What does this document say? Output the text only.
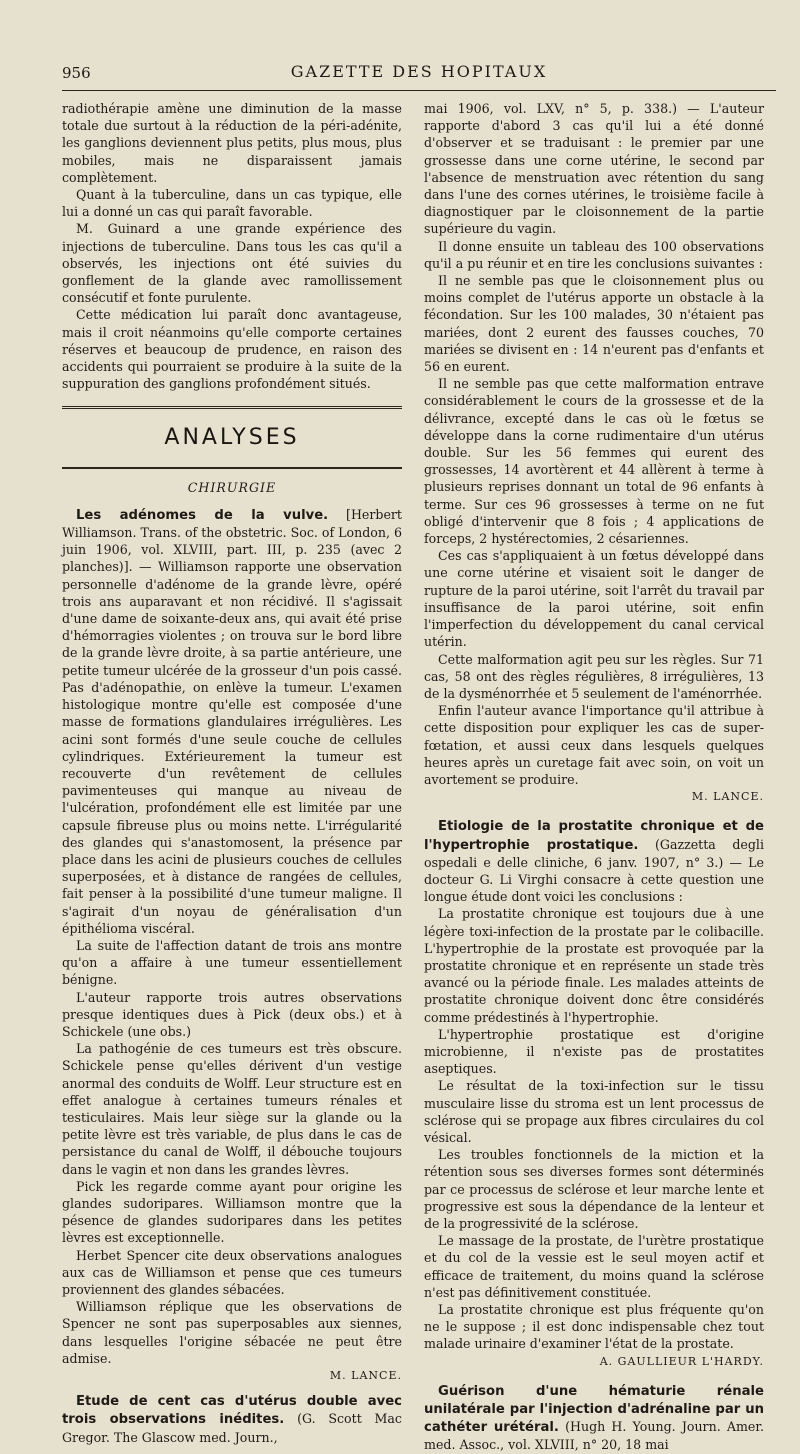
956	GAZETTE DES HOPITAUX

radiothérapie amène une diminution de la masse totale due surtout à la réduction de la péri-adénite, les ganglions deviennent plus petits, plus mous, plus mobiles, mais ne disparaissent jamais complètement.

Quant à la tuberculine, dans un cas typique, elle lui a donné un cas qui paraît favorable.

M. Guinard a une grande expérience des injections de tuberculine. Dans tous les cas qu'il a observés, les injections ont été suivies du gonflement de la glande avec ramollissement consécutif et fonte purulente.

Cette médication lui paraît donc avantageuse, mais il croit néanmoins qu'elle comporte certaines réserves et beaucoup de prudence, en raison des accidents qui pourraient se produire à la suite de la suppuration des ganglions profondément situés.

ANALYSES
CHIRURGIE

Les adénomes de la vulve. [Herbert Williamson. Trans. of the obstetric. Soc. of London, 6 juin 1906, vol. XLVIII, part. III, p. 235 (avec 2 planches)]. — Williamson rapporte une observation personnelle d'adénome de la grande lèvre, opéré trois ans auparavant et non récidivé. Il s'agissait d'une dame de soixante-deux ans, qui avait été prise d'hémorragies violentes ; on trouva sur le bord libre de la grande lèvre droite, à sa partie antérieure, une petite tumeur ulcérée de la grosseur d'un pois cassé. Pas d'adénopathie, on enlève la tumeur. L'examen histologique montre qu'elle est composée d'une masse de formations glandulaires irrégulières. Les acini sont formés d'une seule couche de cellules cylindriques. Extérieurement la tumeur est recouverte d'un revêtement de cellules pavimenteuses qui manque au niveau de l'ulcération, profondément elle est limitée par une capsule fibreuse plus ou moins nette. L'irrégularité des glandes qui s'anastomosent, la présence par place dans les acini de plusieurs couches de cellules superposées, et à distance de rangées de cellules, fait penser à la possibilité d'une tumeur maligne. Il s'agirait d'un noyau de généralisation d'un épithélioma viscéral.

La suite de l'affection datant de trois ans montre qu'on a affaire à une tumeur essentiellement bénigne.

L'auteur rapporte trois autres observations presque identiques dues à Pick (deux obs.) et à Schickele (une obs.)

La pathogénie de ces tumeurs est très obscure. Schickele pense qu'elles dérivent d'un vestige anormal des conduits de Wolff. Leur structure est en effet analogue à certaines tumeurs rénales et testiculaires. Mais leur siège sur la glande ou la petite lèvre est très variable, de plus dans le cas de persistance du canal de Wolff, il débouche toujours dans le vagin et non dans les grandes lèvres.

Pick les regarde comme ayant pour origine les glandes sudoripares. Williamson montre que la pésence de glandes sudoripares dans les petites lèvres est exceptionnelle.

Herbet Spencer cite deux observations analogues aux cas de Williamson et pense que ces tumeurs proviennent des glandes sébacées.

Williamson réplique que les observations de Spencer ne sont pas superposables aux siennes, dans lesquelles l'origine sébacée ne peut être admise.

M. LANCE.

Etude de cent cas d'utérus double avec trois observations inédites. (G. Scott Mac Gregor. The Glascow med. Journ.,

mai 1906, vol. LXV, n° 5, p. 338.) — L'auteur rapporte d'abord 3 cas qu'il lui a été donné d'observer et se traduisant : le premier par une grossesse dans une corne utérine, le second par l'absence de menstruation avec rétention du sang dans l'une des cornes utérines, le troisième facile à diagnostiquer par le cloisonnement de la partie supérieure du vagin.

Il donne ensuite un tableau des 100 observations qu'il a pu réunir et en tire les conclusions suivantes :

Il ne semble pas que le cloisonnement plus ou moins complet de l'utérus apporte un obstacle à la fécondation. Sur les 100 malades, 30 n'étaient pas mariées, dont 2 eurent des fausses couches, 70 mariées se divisent en : 14 n'eurent pas d'enfants et 56 en eurent.

Il ne semble pas que cette malformation entrave considérablement le cours de la grossesse et de la délivrance, excepté dans le cas où le fœtus se développe dans la corne rudimentaire d'un utérus double. Sur les 56 femmes qui eurent des grossesses, 14 avortèrent et 44 allèrent à terme à plusieurs reprises donnant un total de 96 enfants à terme. Sur ces 96 grossesses à terme on ne fut obligé d'intervenir que 8 fois ; 4 applications de forceps, 2 hystérectomies, 2 césariennes.

Ces cas s'appliquaient à un fœtus développé dans une corne utérine et visaient soit le danger de rupture de la paroi utérine, soit l'arrêt du travail par insuffisance de la paroi utérine, soit enfin l'imperfection du développement du canal cervical utérin.

Cette malformation agit peu sur les règles. Sur 71 cas, 58 ont des règles régulières, 8 irrégulières, 13 de la dysménorrhée et 5 seulement de l'aménorrhée.

Enfin l'auteur avance l'importance qu'il attribue à cette disposition pour expliquer les cas de super-fœtation, et aussi ceux dans lesquels quelques heures après un curetage fait avec soin, on voit un avortement se produire.

M. LANCE.

Etiologie de la prostatite chronique et de l'hypertrophie prostatique. (Gazzetta degli ospedali e delle cliniche, 6 janv. 1907, n° 3.) — Le docteur G. Li Virghi consacre à cette question une longue étude dont voici les conclusions :

La prostatite chronique est toujours due à une légère toxi-infection de la prostate par le colibacille. L'hypertrophie de la prostate est provoquée par la prostatite chronique et en représente un stade très avancé ou la période finale. Les malades atteints de prostatite chronique doivent donc être considérés comme prédestinés à l'hypertrophie.

L'hypertrophie prostatique est d'origine microbienne, il n'existe pas de prostatites aseptiques.

Le résultat de la toxi-infection sur le tissu musculaire lisse du stroma est un lent processus de sclérose qui se propage aux fibres circulaires du col vésical.

Les troubles fonctionnels de la miction et la rétention sous ses diverses formes sont déterminés par ce processus de sclérose et leur marche lente et progressive est sous la dépendance de la lenteur et de la progressivité de la sclérose.

Le massage de la prostate, de l'urètre prostatique et du col de la vessie est le seul moyen actif et efficace de traitement, du moins quand la sclérose n'est pas définitivement constituée.

La prostatite chronique est plus fréquente qu'on ne le suppose ; il est donc indispensable chez tout malade urinaire d'examiner l'état de la prostate.

A. GAULLIEUR L'HARDY.

Guérison d'une hématurie rénale unilatérale par l'injection d'adrénaline par un cathéter urétéral. (Hugh H. Young. Journ. Amer. med. Assoc., vol. XLVIII, n° 20, 18 mai
